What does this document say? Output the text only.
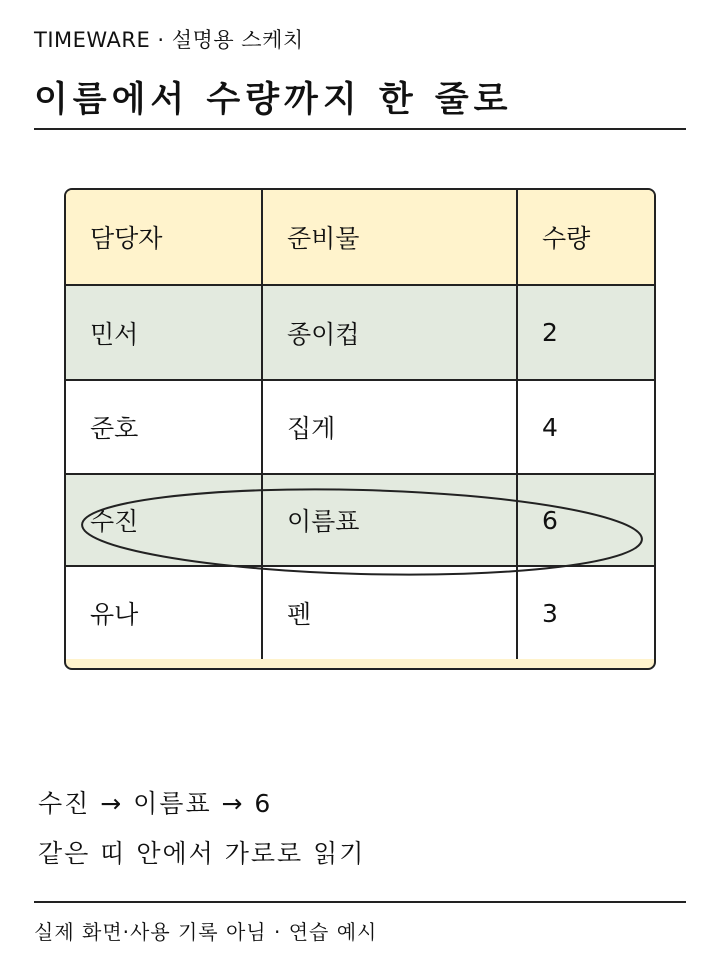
TIMEWARE · 설명용 스케치
이름에서 수량까지 한 줄로
담당자	준비물	수량
민서	종이컵	2
준호	집게	4
수진	이름표	6
유나	펜	3
수진 → 이름표 → 6
같은 띠 안에서 가로로 읽기
실제 화면·사용 기록 아님 · 연습 예시
